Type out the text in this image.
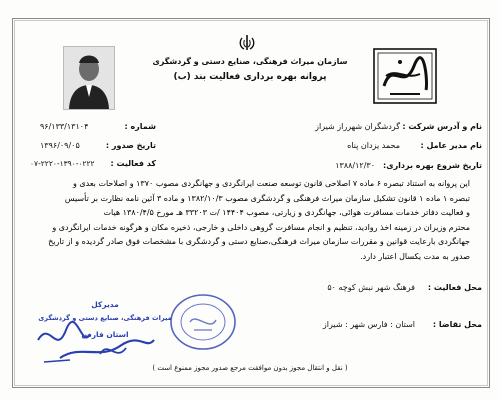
سازمان میراث فرهنگی، صنایع دستی و گردشگری
پروانه بهره برداری فعالیت بند (ب)
نام و آدرس شرکت :
گردشگران شهرراز شیراز
نام مدیر عامل :
محمد یزدان پناه
تاریخ شروع بهره برداری:
۱۳۸۸/۱۲/۳۰
شماره :
۹۶/۱۳۳/۱۳۱۰۴
تاریخ صدور :
۱۳۹۶/۰۹/۰۵
کد فعالیت :
۰۷-۲۲۲۰-۱۳۹۰-۰۲۲۲
این پروانه به استناد تبصره ۶ ماده ۷ اصلاحی قانون توسعه صنعت ایرانگردی و جهانگردی مصوب ۱۳۷۰ و اصلاحات بعدی و
تبصره ۱ ماده ۱ قانون تشکیل سازمان میراث فرهنگی و گردشگری مصوب ۱۳۸۲/۱۰/۳ و ماده ۳ آئین نامه نظارت بر تأسیس
و فعالیت دفاتر خدمات مسافرت هوائی، جهانگردی و زیارتی، مصوب ۱۴۴۰۴ /ت ۳۳۲۰۳ هـ مورخ ۱۳۸۰/۴/۵ هیات
محترم وزیران در زمینه اخذ روادید، تنظیم و انجام مسافرت گروهی داخلی و خارجی، ذخیره مکان و هرگونه خدمات ایرانگردی و
جهانگردی بارعایت قوانین و مقررات سازمان میراث فرهنگی،صنایع دستی و گردشگری با مشخصات فوق صادر گردیده و از تاریخ
صدور به مدت یکسال اعتبار دارد.
محل فعالیت :
فرهنگ شهر نبش کوچه ۵۰
محل تقاضا :
استان : فارس شهر : شیراز
مدیرکل
میراث فرهنگی، صنایع دستی و گردشگری
استان فارس
( نقل و انتقال مجوز بدون موافقت مرجع صدور مجوز ممنوع است )
